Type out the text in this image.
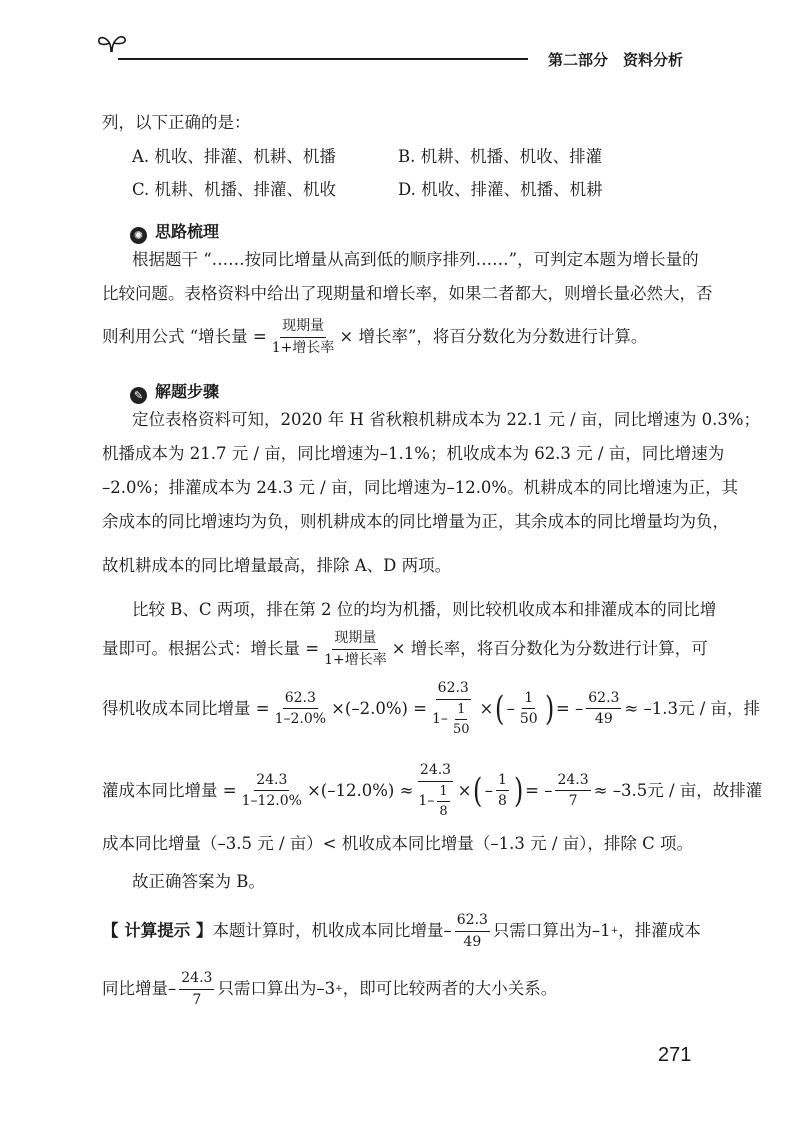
第二部分　资料分析
列，以下正确的是：
A. 机收、排灌、机耕、机播	B. 机耕、机播、机收、排灌
C. 机耕、机播、排灌、机收	D. 机收、排灌、机播、机耕
✺ 思路梳理
根据题干 “……按同比增量从高到低的顺序排列……”，可判定本题为增长量的
比较问题。表格资料中给出了现期量和增长率，如果二者都大，则增长量必然大，否
则利用公式 “增长量 = $\frac{\text{现期量}}{\text{1+增长率}}$ × 增长率”，将百分数化为分数进行计算。
✎ 解题步骤
定位表格资料可知，2020 年 H 省秋粮机耕成本为 22.1 元 / 亩，同比增速为 0.3%；
机播成本为 21.7 元 / 亩，同比增速为–1.1%；机收成本为 62.3 元 / 亩，同比增速为
–2.0%；排灌成本为 24.3 元 / 亩，同比增速为–12.0%。机耕成本的同比增速为正，其
余成本的同比增速均为负，则机耕成本的同比增量为正，其余成本的同比增量均为负，
故机耕成本的同比增量最高，排除 A、D 两项。
比较 B、C 两项，排在第 2 位的均为机播，则比较机收成本和排灌成本的同比增
量即可。根据公式：增长量 = $\frac{\text{现期量}}{\text{1+增长率}}$ × 增长率，将百分数化为分数进行计算，可
得机收成本同比增量 = $\frac{62.3}{1-2.0\%} \times(-2.0\%) = \frac{62.3}{1- \frac{1}{50}}$ × ( – $\frac{1}{50}$ ) = – $\frac{62.3}{49} \approx -1.3$元 / 亩，排
灌成本同比增量 = $\frac{24.3}{1-12.0\%} \times(-12.0\%) \approx \frac{24.3}{1- \frac{1}{8}}$ × ( – $\frac{1}{8}$ ) = – $\frac{24.3}{7} \approx -3.5$元 / 亩，故排灌
成本同比增量（–3.5 元 / 亩）< 机收成本同比增量（–1.3 元 / 亩），排除 C 项。
故正确答案为 B。
【 计算提示 】 本题计算时，机收成本同比增量– $\frac{62.3}{49}$ 只需口算出为–1 + ，排灌成本
同比增量– $\frac{24.3}{7}$ 只需口算出为–3 + ，即可比较两者的大小关系。
271
